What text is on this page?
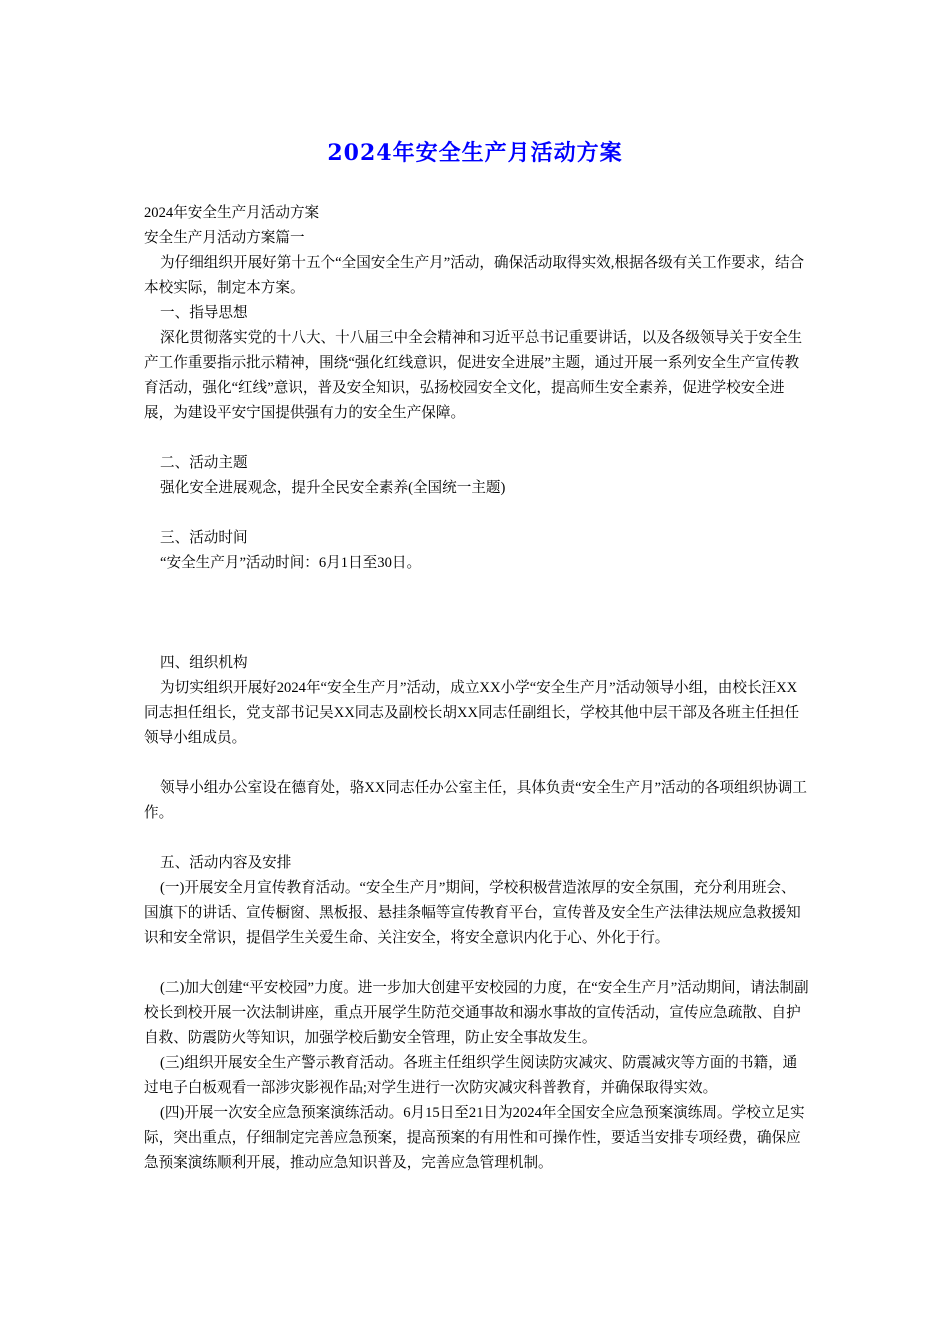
2024年安全生产月活动方案

2024年安全生产月活动方案

安全生产月活动方案篇一

为仔细组织开展好第十五个“全国安全生产月”活动，确保活动取得实效,根据各级有关工作要求，结合本校实际，制定本方案。

一、指导思想

深化贯彻落实党的十八大、十八届三中全会精神和习近平总书记重要讲话，以及各级领导关于安全生产工作重要指示批示精神，围绕“强化红线意识，促进安全进展”主题，通过开展一系列安全生产宣传教育活动，强化“红线”意识，普及安全知识，弘扬校园安全文化，提高师生安全素养，促进学校安全进展，为建设平安宁国提供强有力的安全生产保障。

二、活动主题

强化安全进展观念，提升全民安全素养(全国统一主题)

三、活动时间

“安全生产月”活动时间：6月1日至30日。

四、组织机构

为切实组织开展好2024年“安全生产月”活动，成立XX小学“安全生产月”活动领导小组，由校长汪XX同志担任组长，党支部书记吴XX同志及副校长胡XX同志任副组长，学校其他中层干部及各班主任担任领导小组成员。

领导小组办公室设在德育处，骆XX同志任办公室主任，具体负责“安全生产月”活动的各项组织协调工作。

五、活动内容及安排

(一)开展安全月宣传教育活动。“安全生产月”期间，学校积极营造浓厚的安全氛围，充分利用班会、国旗下的讲话、宣传橱窗、黑板报、悬挂条幅等宣传教育平台，宣传普及安全生产法律法规应急救援知识和安全常识，提倡学生关爱生命、关注安全，将安全意识内化于心、外化于行。

(二)加大创建“平安校园”力度。进一步加大创建平安校园的力度，在“安全生产月”活动期间，请法制副校长到校开展一次法制讲座，重点开展学生防范交通事故和溺水事故的宣传活动，宣传应急疏散、自护自救、防震防火等知识，加强学校后勤安全管理，防止安全事故发生。

(三)组织开展安全生产警示教育活动。各班主任组织学生阅读防灾减灾、防震减灾等方面的书籍，通过电子白板观看一部涉灾影视作品;对学生进行一次防灾减灾科普教育，并确保取得实效。

(四)开展一次安全应急预案演练活动。6月15日至21日为2024年全国安全应急预案演练周。学校立足实际，突出重点，仔细制定完善应急预案，提高预案的有用性和可操作性，要适当安排专项经费，确保应急预案演练顺利开展，推动应急知识普及，完善应急管理机制。
